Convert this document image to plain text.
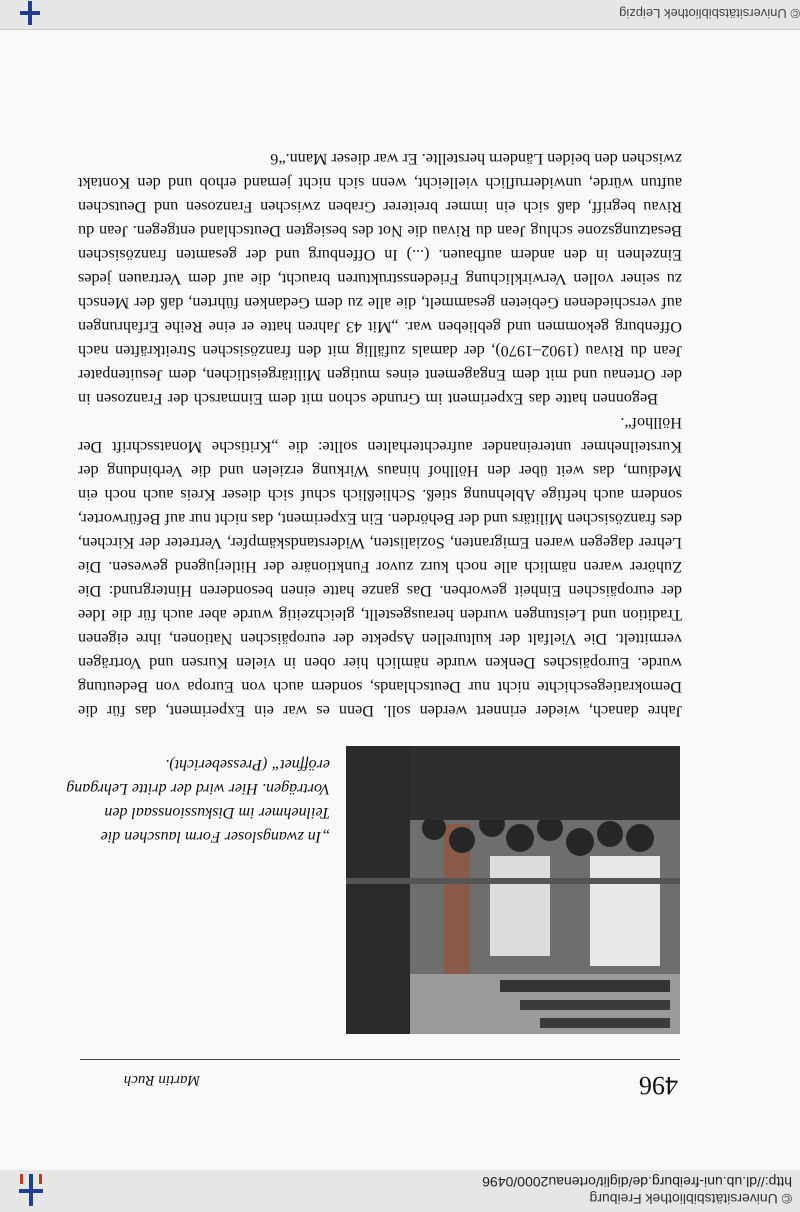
© Universitätsbibliothek Freiburg
http://dl.ub.uni-freiburg.de/diglit/ortenau2000/0496
496
Martin Ruch
„In zwangsloser Form lauschen die Teilnehmer im Diskussionssaal den Vorträgen. Hier wird der dritte Lehrgang eröffnet“ (Pressebericht).

Jahre danach, wieder erinnert werden soll. Denn es war ein Experiment, das für die Demokratiegeschichte nicht nur Deutschlands, sondern auch von Europa von Bedeutung wurde. Europäisches Denken wurde nämlich hier oben in vielen Kursen und Vorträgen vermittelt. Die Vielfalt der kulturellen Aspekte der europäischen Nationen, ihre eigenen Tradition und Leistungen wurden herausgestellt, gleichzeitig wurde aber auch für die Idee der europäischen Einheit geworben. Das ganze hatte einen besonderen Hintergrund: Die Zuhörer waren nämlich alle noch kurz zuvor Funktionäre der Hitlerjugend gewesen. Die Lehrer dagegen waren Emigranten, Sozialisten, Widerstandskämpfer, Vertreter der Kirchen, des französischen Militärs und der Behörden. Ein Experiment, das nicht nur auf Befürworter, sondern auch heftige Ablehnung stieß. Schließlich schuf sich dieser Kreis auch noch ein Medium, das weit über den Höllhof hinaus Wirkung erzielen und die Verbindung der Kursteilnehmer untereinander aufrechterhalten sollte: die „Kritische Monatsschrift Der Höllhof“.

Begonnen hatte das Experiment im Grunde schon mit dem Einmarsch der Franzosen in der Ortenau und mit dem Engagement eines mutigen Militärgeistlichen, dem Jesuitenpater Jean du Rivau (1902–1970), der damals zufällig mit den französischen Streitkräften nach Offenburg gekommen und geblieben war. „Mit 43 Jahren hatte er eine Reihe Erfahrungen auf verschiedenen Gebieten gesammelt, die alle zu dem Gedanken führten, daß der Mensch zu seiner vollen Verwirklichung Friedensstrukturen braucht, die auf dem Vertrauen jedes Einzelnen in den andern aufbauen. (...) In Offenburg und der gesamten französischen Besatzungszone schlug Jean du Rivau die Not des besiegten Deutschland entgegen. Jean du Rivau begriff, daß sich ein immer breiterer Graben zwischen Franzosen und Deutschen auftun würde, unwiderruflich vielleicht, wenn sich nicht jemand erhob und den Kontakt zwischen den beiden Ländern herstellte. Er war dieser Mann.“6

© Universitätsbibliothek Leipzig
